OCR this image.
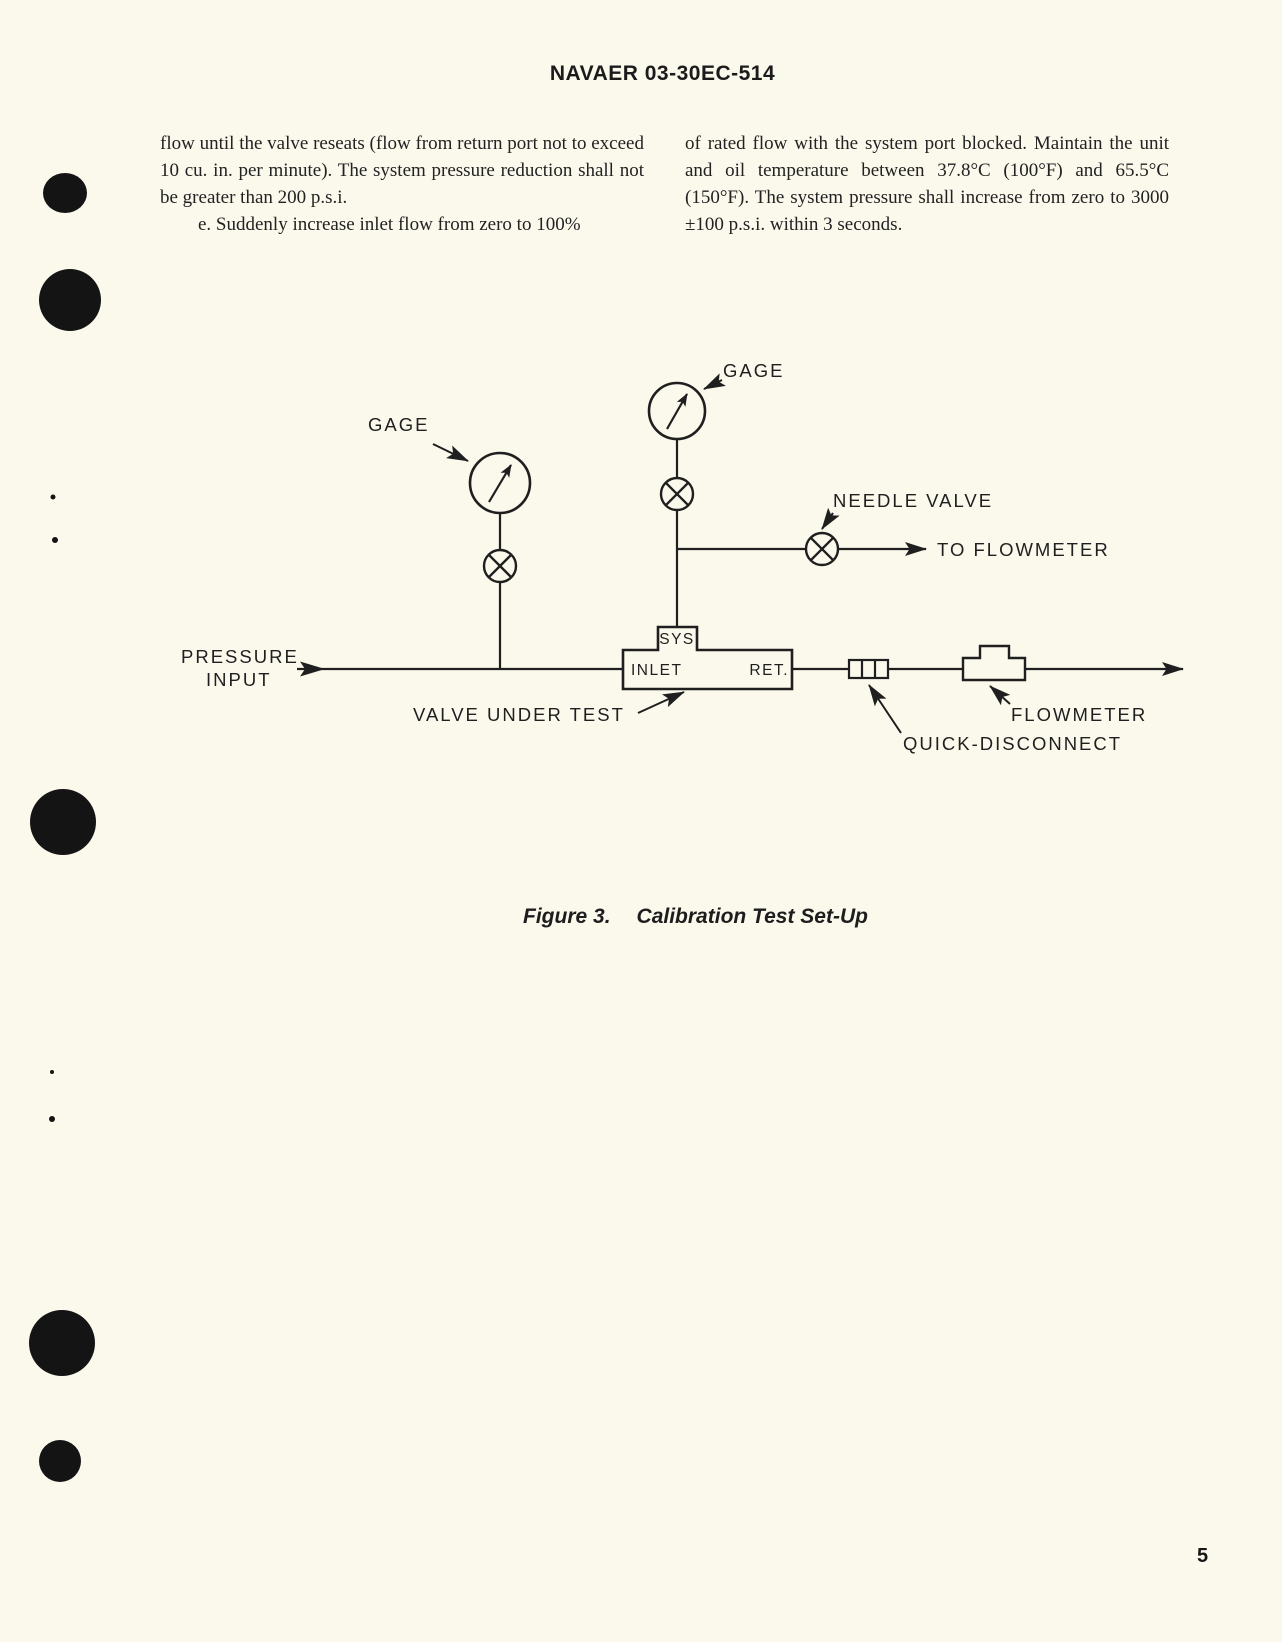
NAVAER 03-30EC-514

flow until the valve reseats (flow from return port not to exceed 10 cu. in. per minute). The system pressure reduction shall not be greater than 200 p.s.i.

e. Suddenly increase inlet flow from zero to 100%

of rated flow with the system port blocked. Maintain the unit and oil temperature between 37.8°C (100°F) and 65.5°C (150°F). The system pressure shall increase from zero to 3000 ±100 p.s.i. within 3 seconds.

GAGE
GAGE
NEEDLE VALVE
TO FLOWMETER
PRESSURE
INPUT
VALVE UNDER TEST	FLOWMETER
QUICK-DISCONNECT
SYS
INLET	RET.
Figure 3. Calibration Test Set-Up
5
